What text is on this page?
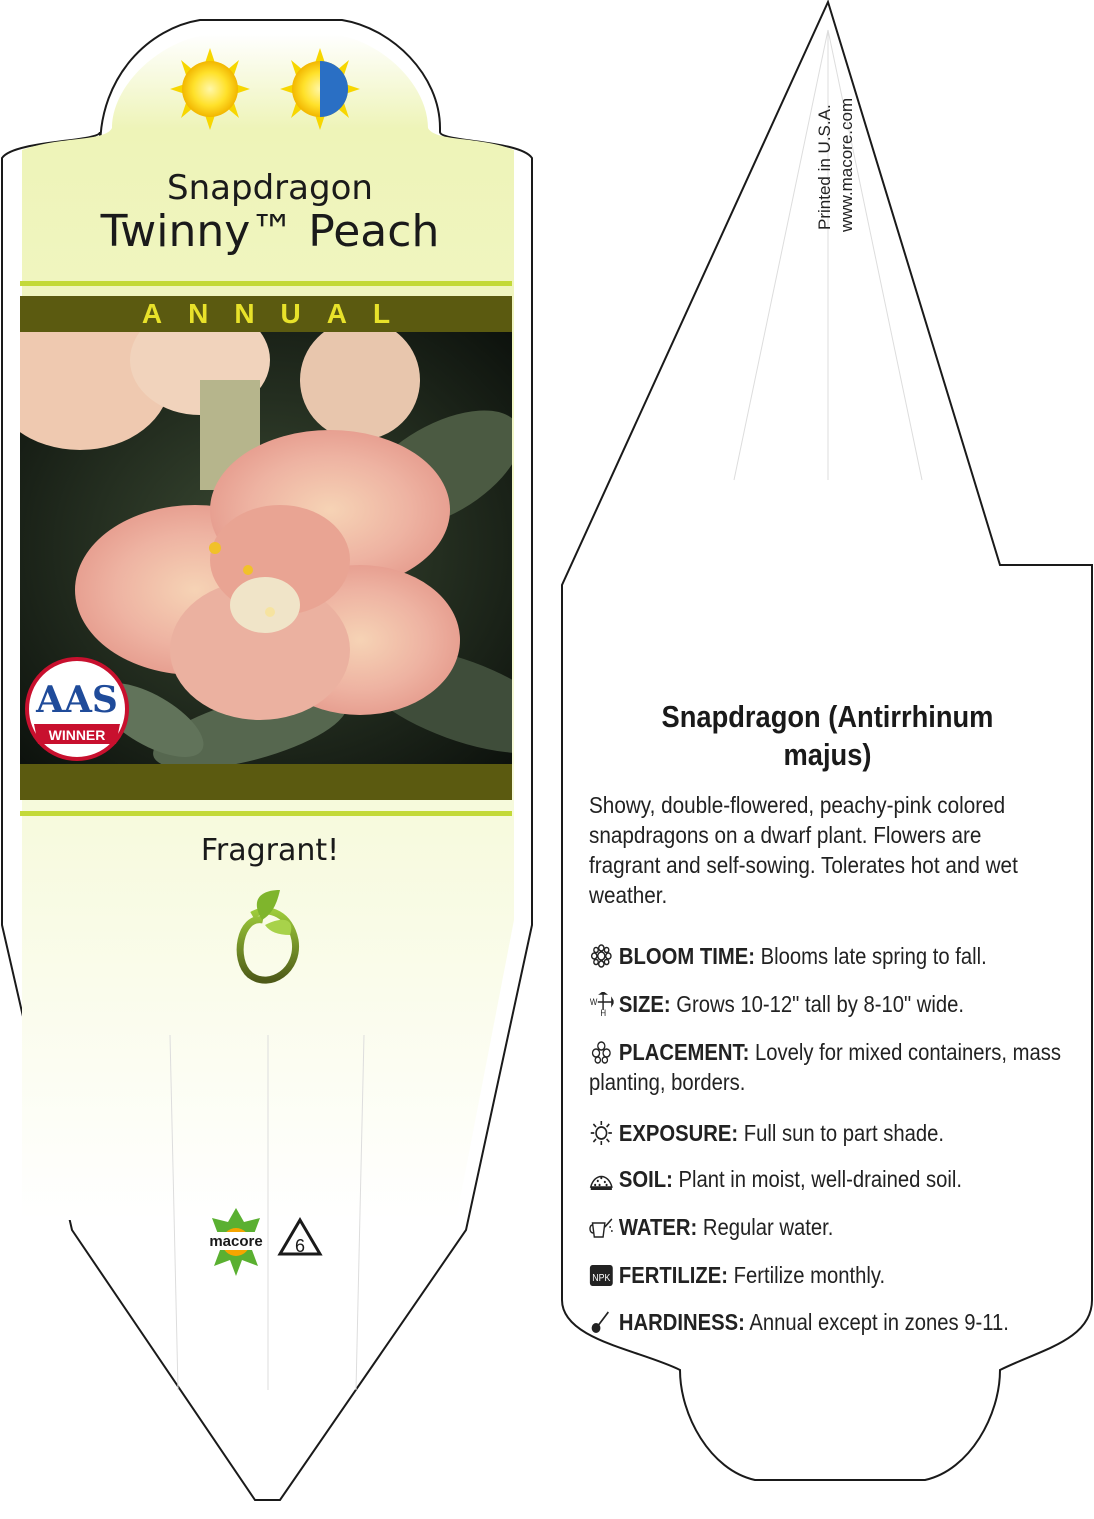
AAS
WINNER
macore 6
Snapdragon
Twinny™ Peach
ANNUAL
Fragrant!
Printed in U.S.A. www.macore.com
Snapdragon (Antirrhinum majus)
Showy, double-flowered, peachy-pink colored snapdragons on a dwarf plant. Flowers are fragrant and self-sowing. Tolerates hot and wet weather.
BLOOM TIME: Blooms late spring to fall.
W
H SIZE: Grows 10-12" tall by 8-10" wide.
PLACEMENT: Lovely for mixed containers, mass planting, borders.
EXPOSURE: Full sun to part shade.
SOIL: Plant in moist, well-drained soil.
WATER: Regular water.
NPK FERTILIZE: Fertilize monthly.
HARDINESS: Annual except in zones 9-11.
